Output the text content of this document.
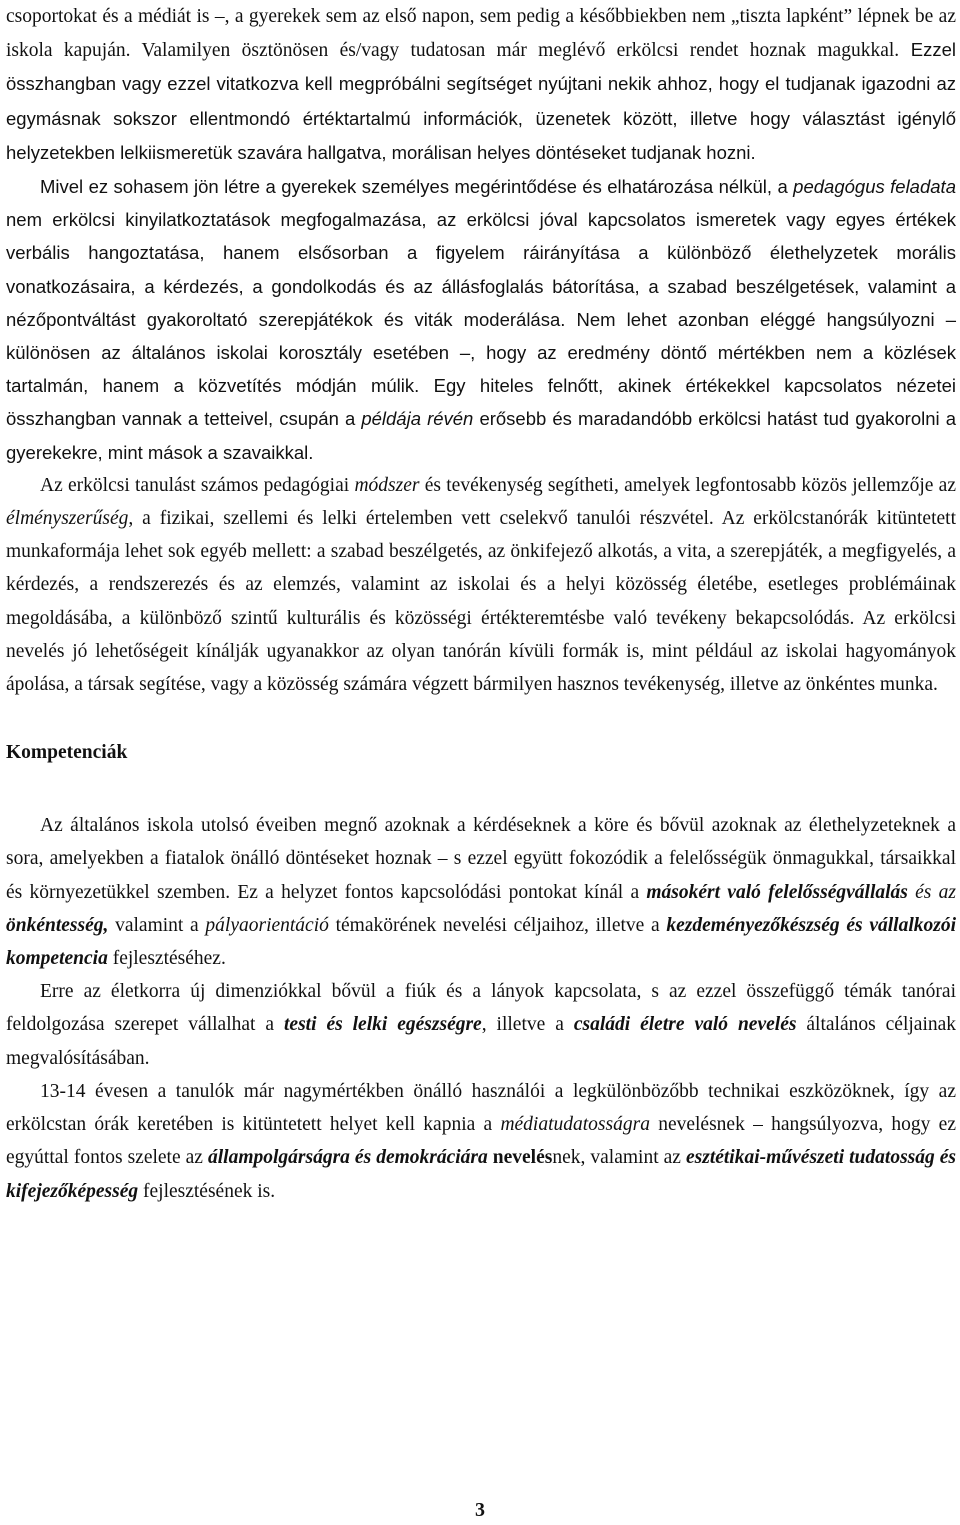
csoportokat és a médiát is –, a gyerekek sem az első napon, sem pedig a későbbiekben nem „tiszta lapként” lépnek be az iskola kapuján. Valamilyen ösztönösen és/vagy tudatosan már meglévő erkölcsi rendet hoznak magukkal. Ezzel összhangban vagy ezzel vitatkozva kell megpróbálni segítséget nyújtani nekik ahhoz, hogy el tudjanak igazodni az egymásnak sokszor ellentmondó értéktartalmú információk, üzenetek között, illetve hogy választást igénylő helyzetekben lelkiismeretük szavára hallgatva, morálisan helyes döntéseket tudjanak hozni.

Mivel ez sohasem jön létre a gyerekek személyes megérintődése és elhatározása nélkül, a pedagógus feladata nem erkölcsi kinyilatkoztatások megfogalmazása, az erkölcsi jóval kapcsolatos ismeretek vagy egyes értékek verbális hangoztatása, hanem elsősorban a figyelem ráirányítása a különböző élethelyzetek morális vonatkozásaira, a kérdezés, a gondolkodás és az állásfoglalás bátorítása, a szabad beszélgetések, valamint a nézőpontváltást gyakoroltató szerepjátékok és viták moderálása. Nem lehet azonban eléggé hangsúlyozni – különösen az általános iskolai korosztály esetében –, hogy az eredmény döntő mértékben nem a közlések tartalmán, hanem a közvetítés módján múlik. Egy hiteles felnőtt, akinek értékekkel kapcsolatos nézetei összhangban vannak a tetteivel, csupán a példája révén erősebb és maradandóbb erkölcsi hatást tud gyakorolni a gyerekekre, mint mások a szavaikkal.

Az erkölcsi tanulást számos pedagógiai módszer és tevékenység segítheti, amelyek legfontosabb közös jellemzője az élményszerűség, a fizikai, szellemi és lelki értelemben vett cselekvő tanulói részvétel. Az erkölcstanórák kitüntetett munkaformája lehet sok egyéb mellett: a szabad beszélgetés, az önkifejező alkotás, a vita, a szerepjáték, a megfigyelés, a kérdezés, a rendszerezés és az elemzés, valamint az iskolai és a helyi közösség életébe, esetleges problémáinak megoldásába, a különböző szintű kulturális és közösségi értékteremtésbe való tevékeny bekapcsolódás. Az erkölcsi nevelés jó lehetőségeit kínálják ugyanakkor az olyan tanórán kívüli formák is, mint például az iskolai hagyományok ápolása, a társak segítése, vagy a közösség számára végzett bármilyen hasznos tevékenység, illetve az önkéntes munka.

Kompetenciák

Az általános iskola utolsó éveiben megnő azoknak a kérdéseknek a köre és bővül azoknak az élethelyzeteknek a sora, amelyekben a fiatalok önálló döntéseket hoznak – s ezzel együtt fokozódik a felelősségük önmagukkal, társaikkal és környezetükkel szemben. Ez a helyzet fontos kapcsolódási pontokat kínál a másokért való felelősségvállalás és az önkéntesség, valamint a pályaorientáció témakörének nevelési céljaihoz, illetve a kezdeményezőkészség és vállalkozói kompetencia fejlesztéséhez.

Erre az életkorra új dimenziókkal bővül a fiúk és a lányok kapcsolata, s az ezzel összefüggő témák tanórai feldolgozása szerepet vállalhat a testi és lelki egészségre, illetve a családi életre való nevelés általános céljainak megvalósításában.

13-14 évesen a tanulók már nagymértékben önálló használói a legkülönbözőbb technikai eszközöknek, így az erkölcstan órák keretében is kitüntetett helyet kell kapnia a médiatudatosságra nevelésnek – hangsúlyozva, hogy ez egyúttal fontos szelete az állampolgárságra és demokráciára nevelésnek, valamint az esztétikai-művészeti tudatosság és kifejezőképesség fejlesztésének is.

3
